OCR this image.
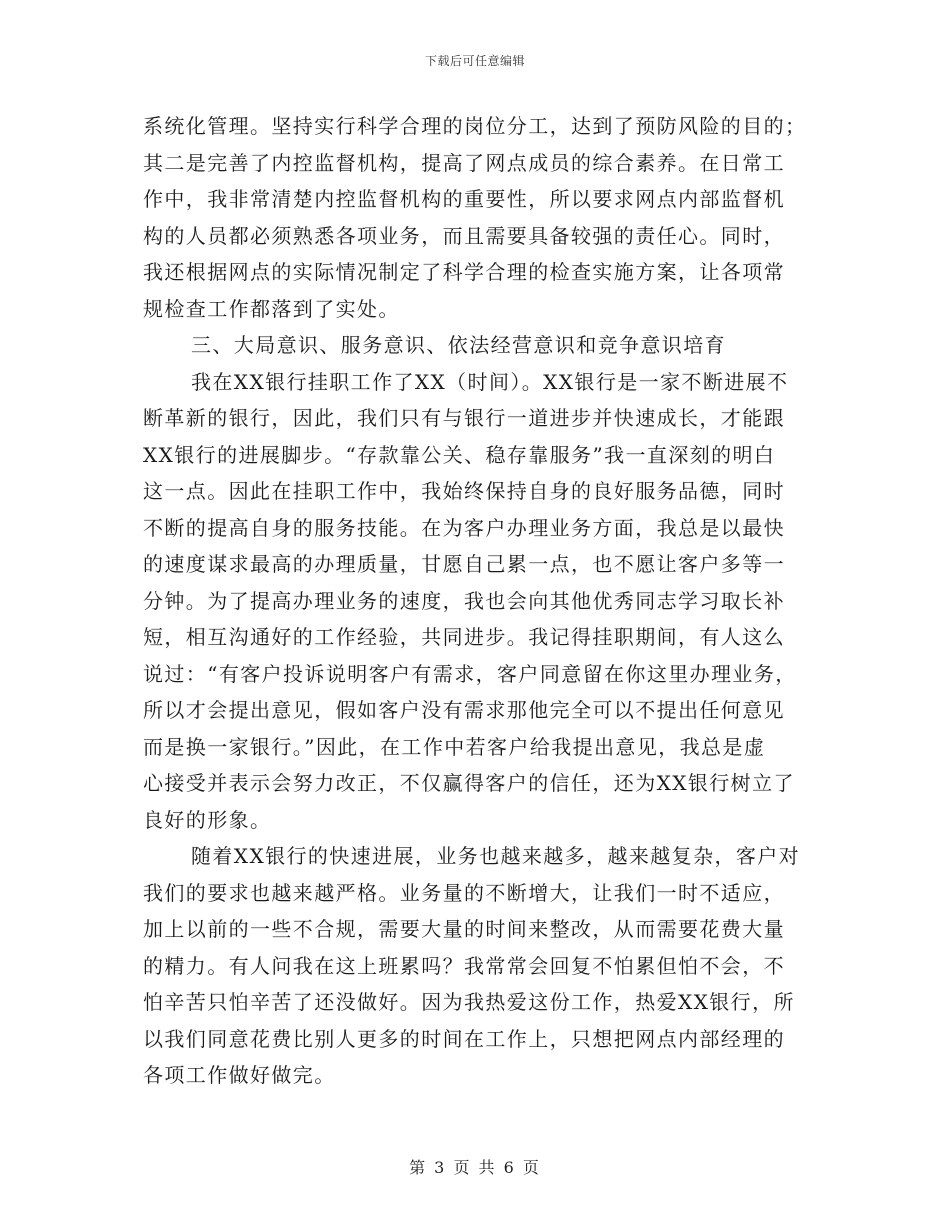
下载后可任意编辑
系统化管理。坚持实行科学合理的岗位分工，达到了预防风险的目的；
其二是完善了内控监督机构，提高了网点成员的综合素养。在日常工
作中，我非常清楚内控监督机构的重要性，所以要求网点内部监督机
构的人员都必须熟悉各项业务，而且需要具备较强的责任心。同时，
我还根据网点的实际情况制定了科学合理的检查实施方案，让各项常
规检查工作都落到了实处。
三、大局意识、服务意识、依法经营意识和竞争意识培育
我在XX银行挂职工作了XX（时间）。XX银行是一家不断进展不
断革新的银行，因此，我们只有与银行一道进步并快速成长，才能跟
XX银行的进展脚步。“存款靠公关、稳存靠服务”我一直深刻的明白
这一点。因此在挂职工作中，我始终保持自身的良好服务品德，同时
不断的提高自身的服务技能。在为客户办理业务方面，我总是以最快
的速度谋求最高的办理质量，甘愿自己累一点，也不愿让客户多等一
分钟。为了提高办理业务的速度，我也会向其他优秀同志学习取长补
短，相互沟通好的工作经验，共同进步。我记得挂职期间，有人这么
说过：“有客户投诉说明客户有需求，客户同意留在你这里办理业务，
所以才会提出意见，假如客户没有需求那他完全可以不提出任何意见
而是换一家银行。”因此，在工作中若客户给我提出意见，我总是虚
心接受并表示会努力改正，不仅赢得客户的信任，还为XX银行树立了
良好的形象。
随着XX银行的快速进展，业务也越来越多，越来越复杂，客户对
我们的要求也越来越严格。业务量的不断增大，让我们一时不适应，
加上以前的一些不合规，需要大量的时间来整改，从而需要花费大量
的精力。有人问我在这上班累吗？我常常会回复不怕累但怕不会，不
怕辛苦只怕辛苦了还没做好。因为我热爱这份工作，热爱XX银行，所
以我们同意花费比别人更多的时间在工作上，只想把网点内部经理的
各项工作做好做完。
第 3 页 共 6 页
